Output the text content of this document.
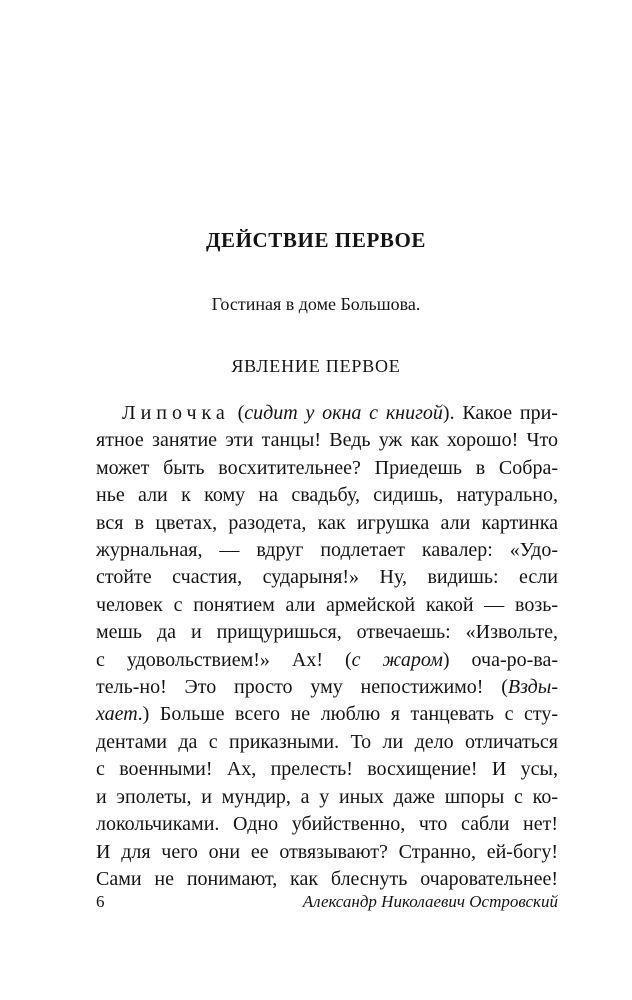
ДЕЙСТВИЕ ПЕРВОЕ
Гостиная в доме Большова.
ЯВЛЕНИЕ ПЕРВОЕ
Липочка (сидит у окна с книгой). Какое при-
ятное занятие эти танцы! Ведь уж как хорошо! Что
может быть восхитительнее? Приедешь в Собра-
нье али к кому на свадьбу, сидишь, натурально,
вся в цветах, разодета, как игрушка али картинка
журнальная, — вдруг подлетает кавалер: «Удо-
стойте счастия, сударыня!» Ну, видишь: если
человек с понятием али армейской какой — возь-
мешь да и прищуришься, отвечаешь: «Извольте,
с удовольствием!» Ах! (с жаром) оча-ро-ва-
тель-но! Это просто уму непостижимо! (Взды-
хает.) Больше всего не люблю я танцевать с сту-
дентами да с приказными. То ли дело отличаться
с военными! Ах, прелесть! восхищение! И усы,
и эполеты, и мундир, а у иных даже шпоры с ко-
локольчиками. Одно убийственно, что сабли нет!
И для чего они ее отвязывают? Странно, ей-богу!
Сами не понимают, как блеснуть очаровательнее!
6	Александр Николаевич Островский
